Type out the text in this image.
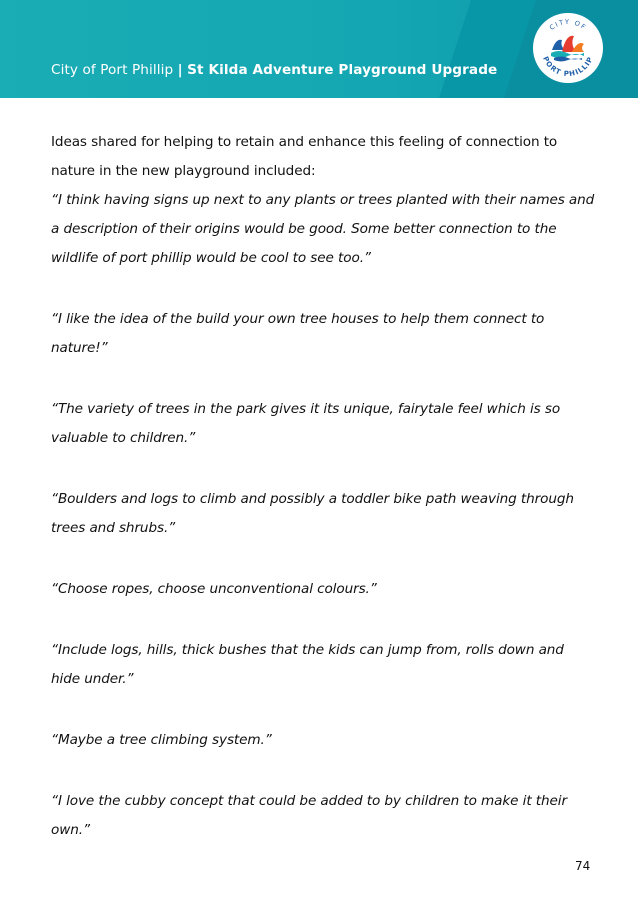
City of Port Phillip | St Kilda Adventure Playground Upgrade
CITY OF
PORT PHILLIP

Ideas shared for helping to retain and enhance this feeling of connection to nature in the new playground included:

“I think having signs up next to any plants or trees planted with their names and a description of their origins would be good. Some better connection to the wildlife of port phillip would be cool to see too.”

“I like the idea of the build your own tree houses to help them connect to nature!”

“The variety of trees in the park gives it its unique, fairytale feel which is so valuable to children.”

“Boulders and logs to climb and possibly a toddler bike path weaving through trees and shrubs.”

“Choose ropes, choose unconventional colours.”

“Include logs, hills, thick bushes that the kids can jump from, rolls down and hide under.”

“Maybe a tree climbing system.”

“I love the cubby concept that could be added to by children to make it their own.”

74
